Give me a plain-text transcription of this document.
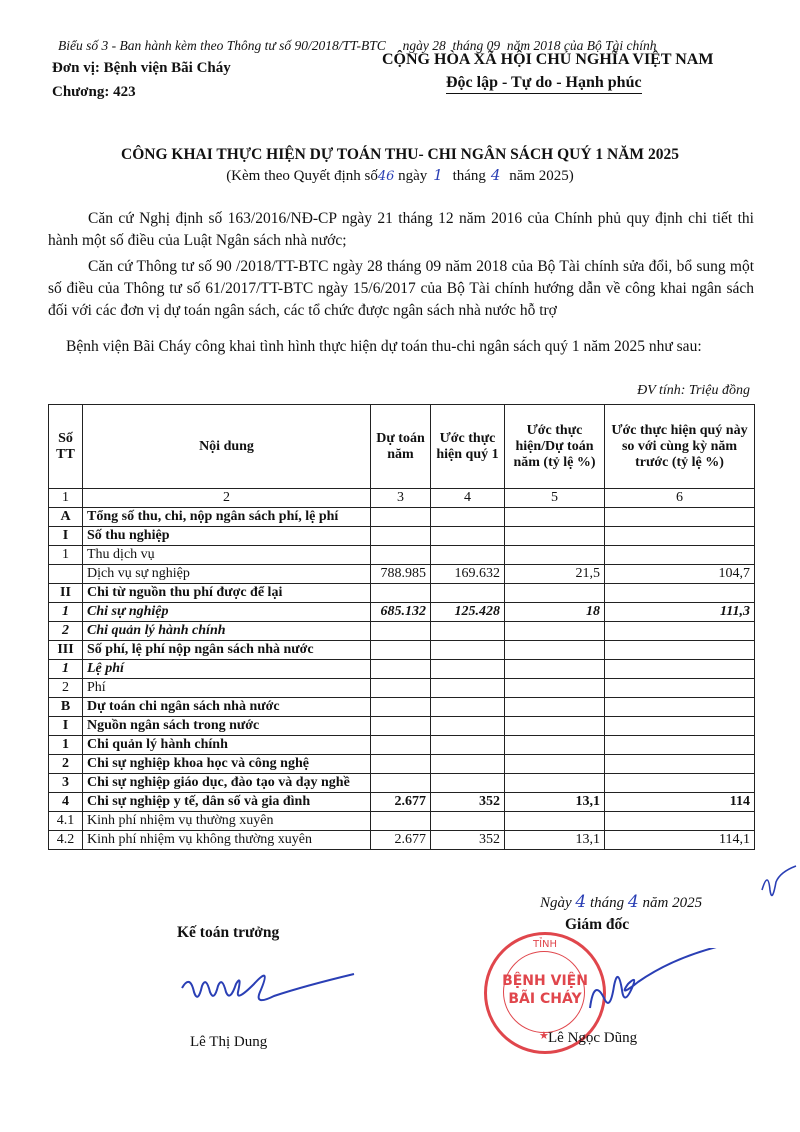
Biểu số 3 - Ban hành kèm theo Thông tư số 90/2018/TT-BTC     ngày 28  tháng 09  năm 2018 của Bộ Tài chính
Đơn vị: Bệnh viện Bãi Cháy
Chương: 423
CỘNG HÒA XÃ HỘI CHỦ NGHĨA VIỆT NAM
Độc lập - Tự do - Hạnh phúc
CÔNG KHAI THỰC HIỆN DỰ TOÁN THU- CHI NGÂN SÁCH QUÝ 1 NĂM 2025
(Kèm theo Quyết định số46 ngày 1 tháng 4 năm 2025)
Căn cứ Nghị định số 163/2016/NĐ-CP ngày 21 tháng 12 năm 2016 của Chính phủ quy định chi tiết thi hành một số điều của Luật Ngân sách nhà nước;
Căn cứ Thông tư số 90 /2018/TT-BTC ngày 28 tháng 09 năm 2018 của Bộ Tài chính sửa đổi, bổ sung một số điều của Thông tư số 61/2017/TT-BTC ngày 15/6/2017 của Bộ Tài chính hướng dẫn về công khai ngân sách đối với các đơn vị dự toán ngân sách, các tổ chức được ngân sách nhà nước hỗ trợ
Bệnh viện Bãi Cháy công khai tình hình thực hiện dự toán thu-chi ngân sách quý 1 năm 2025 như sau:
ĐV tính: Triệu đồng
Số TT	Nội dung	Dự toán năm	Ước thực hiện quý 1	Ước thực hiện/Dự toán năm (tỷ lệ %)	Ước thực hiện quý này so với cùng kỳ năm trước (tỷ lệ %)
1	2	3	4	5	6
A	Tổng số thu, chi, nộp ngân sách phí, lệ phí				
I	Số thu nghiệp				
1	Thu dịch vụ				
	Dịch vụ sự nghiệp	788.985	169.632	21,5	104,7
II	Chi từ nguồn thu phí được để lại				
1	Chi sự nghiệp	685.132	125.428	18	111,3
2	Chi quản lý hành chính				
III	Số phí, lệ phí nộp ngân sách nhà nước				
1	Lệ phí				
2	Phí				
B	Dự toán chi ngân sách nhà nước				
I	Nguồn ngân sách trong nước				
1	Chi quản lý hành chính				
2	Chi sự nghiệp khoa học và công nghệ				
3	Chi sự nghiệp giáo dục, đào tạo và dạy nghề				
4	Chi sự nghiệp y tế, dân số và gia đình	2.677	352	13,1	114
4.1	Kinh phí nhiệm vụ thường xuyên				
4.2	Kinh phí nhiệm vụ không thường xuyên	2.677	352	13,1	114,1
Ngày 4 tháng 4 năm 2025
Kế toán trưởng	Giám đốc
Lê Thị Dung
TỈNH
BỆNH VIỆN
BÃI CHÁY
★ Lê Ngọc Dũng
